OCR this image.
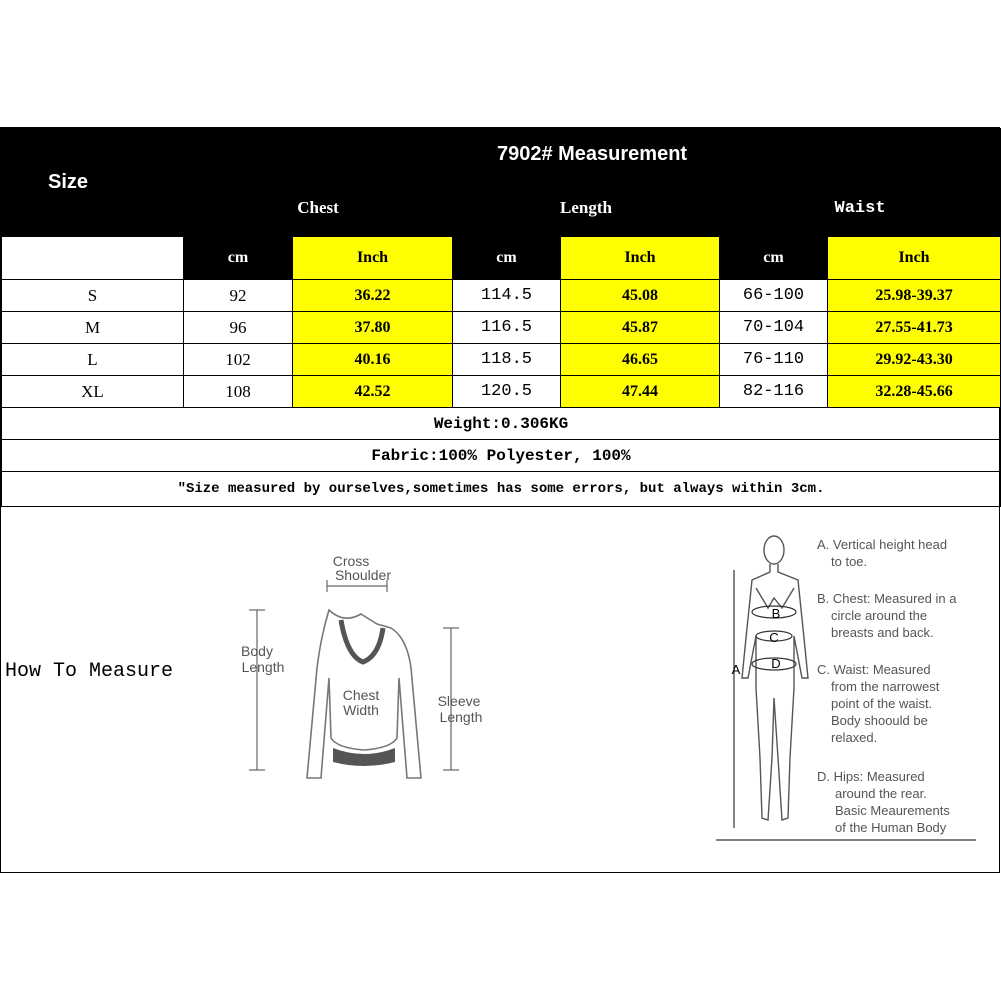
Size	7902# Measurement					
	Chest		Length		Waist	
	cm	Inch	cm	Inch	cm	Inch
S	92	36.22	114.5	45.08	66-100	25.98-39.37
M	96	37.80	116.5	45.87	70-104	27.55-41.73
L	102	40.16	118.5	46.65	76-110	29.92-43.30
XL	108	42.52	120.5	47.44	82-116	32.28-45.66
Weight:0.306KG						
Fabric:100% Polyester, 100%						
"Size measured by ourselves,sometimes has some errors, but always within 3cm.						
How To Measure
Cross
Shoulder
Body
Length
Chest
Width
Sleeve
Length
B
C
D
A
A. Vertical height head
to toe.
B. Chest: Measured in a
circle around the
breasts and back.
C. Waist: Measured
from the narrowest
point of the waist.
Body shoould be
relaxed.
D. Hips: Measured
around the rear.
Basic Meaurements
of the Human Body
